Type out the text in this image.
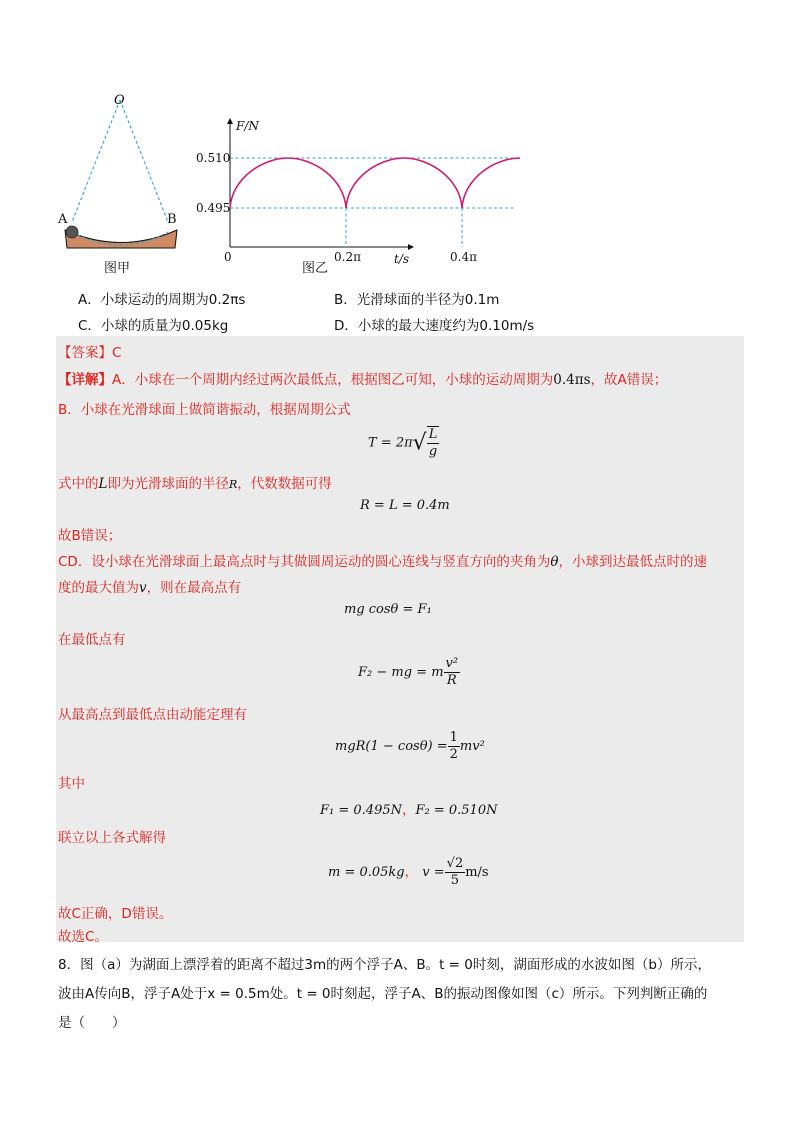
O
A	B
图甲
0.510
0.495
0	0.2π	0.4π
F/N
t/s
图乙
A．小球运动的周期为0.2πs	B．光滑球面的半径为0.1m
C．小球的质量为0.05kg	D．小球的最大速度约为0.10m/s
【答案】C
【详解】A．小球在一个周期内经过两次最低点，根据图乙可知，小球的运动周期为0.4πs，故A错误；
B．小球在光滑球面上做简谐振动，根据周期公式
$T = 2\pi√ \frac{L}{g}$
式中的L即为光滑球面的半径R，代数数据可得
R = L = 0.4m
故B错误；
CD．设小球在光滑球面上最高点时与其做圆周运动的圆心连线与竖直方向的夹角为θ，小球到达最低点时的速
度的最大值为v，则在最高点有
mg cosθ = F₁
在最低点有
F₂ − mg = m $\frac{\text{v²}}{R}$
从最高点到最低点由动能定理有
$mgR(1 - \cos\theta) = \frac{1}{2} mv^2$
其中
F₁ = 0.495N，F₂ = 0.510N
联立以上各式解得
m = 0.05kg， $v = \frac{√2}{5} m/s$
故C正确，D错误。
故选C。
8．图（a）为湖面上漂浮着的距离不超过3m的两个浮子A、B。t = 0时刻，湖面形成的水波如图（b）所示，
波由A传向B，浮子A处于x = 0.5m处。t = 0时刻起，浮子A、B的振动图像如图（c）所示。下列判断正确的
是（　　）
